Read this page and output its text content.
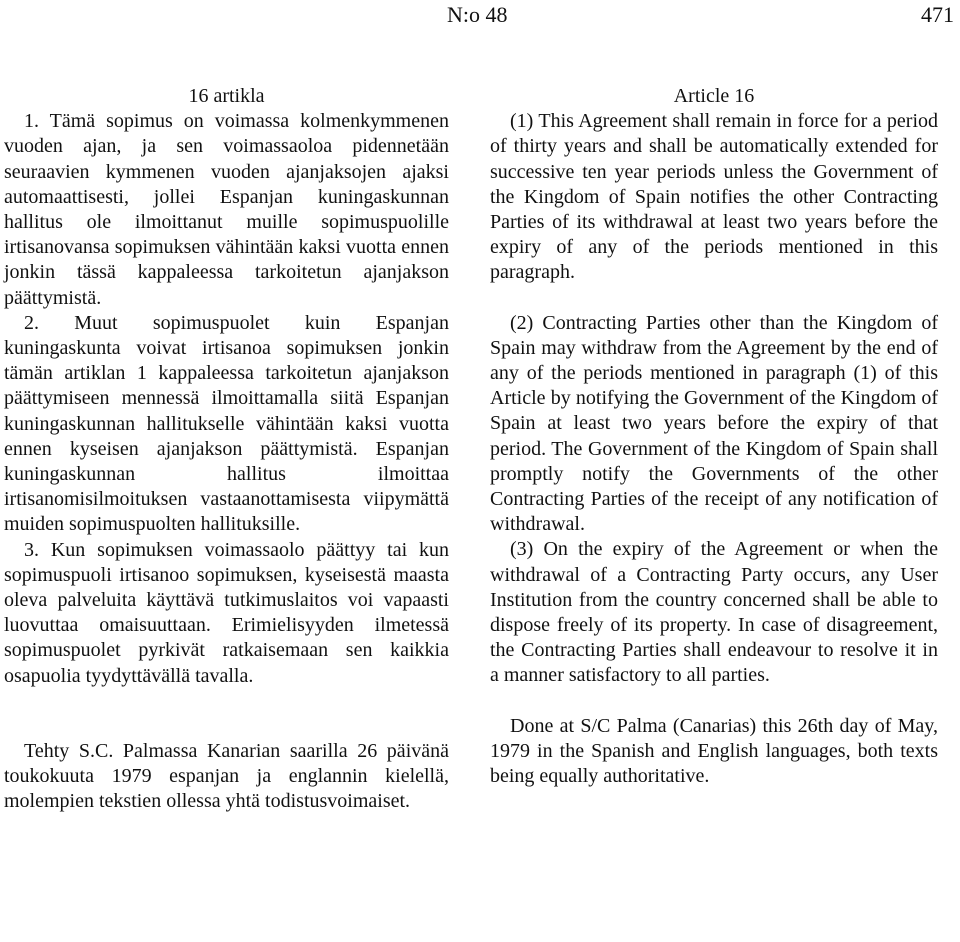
N:o 48	471

16 artikla

1. Tämä sopimus on voimassa kolmenkymmenen vuoden ajan, ja sen voimassaoloa pidennetään seuraavien kymmenen vuoden ajanjaksojen ajaksi automaattisesti, jollei Espanjan kuningaskunnan hallitus ole ilmoittanut muille sopimuspuolille irtisanovansa sopimuksen vähintään kaksi vuotta ennen jonkin tässä kappaleessa tarkoitetun ajanjakson päättymistä.

2. Muut sopimuspuolet kuin Espanjan kuningaskunta voivat irtisanoa sopimuksen jonkin tämän artiklan 1 kappaleessa tarkoitetun ajanjakson päättymiseen mennessä ilmoittamalla siitä Espanjan kuningaskunnan hallitukselle vähintään kaksi vuotta ennen kyseisen ajanjakson päättymistä. Espanjan kuningaskunnan hallitus ilmoittaa irtisanomisilmoituksen vastaanottamisesta viipymättä muiden sopimuspuolten hallituksille.

3. Kun sopimuksen voimassaolo päättyy tai kun sopimuspuoli irtisanoo sopimuksen, kyseisestä maasta oleva palveluita käyttävä tutkimuslaitos voi vapaasti luovuttaa omaisuuttaan. Erimielisyyden ilmetessä sopimuspuolet pyrkivät ratkaisemaan sen kaikkia osapuolia tyydyttävällä tavalla.

Tehty S.C. Palmassa Kanarian saarilla 26 päivänä toukokuuta 1979 espanjan ja englannin kielellä, molempien tekstien ollessa yhtä todistusvoimaiset.

Article 16

(1) This Agreement shall remain in force for a period of thirty years and shall be automatically extended for successive ten year periods unless the Government of the Kingdom of Spain notifies the other Contracting Parties of its withdrawal at least two years before the expiry of any of the periods mentioned in this paragraph.

(2) Contracting Parties other than the Kingdom of Spain may withdraw from the Agreement by the end of any of the periods mentioned in paragraph (1) of this Article by notifying the Government of the Kingdom of Spain at least two years before the expiry of that period. The Government of the Kingdom of Spain shall promptly notify the Governments of the other Contracting Parties of the receipt of any notification of withdrawal.

(3) On the expiry of the Agreement or when the withdrawal of a Contracting Party occurs, any User Institution from the country concerned shall be able to dispose freely of its property. In case of disagreement, the Contracting Parties shall endeavour to resolve it in a manner satisfactory to all parties.

Done at S/C Palma (Canarias) this 26th day of May, 1979 in the Spanish and English languages, both texts being equally authoritative.
